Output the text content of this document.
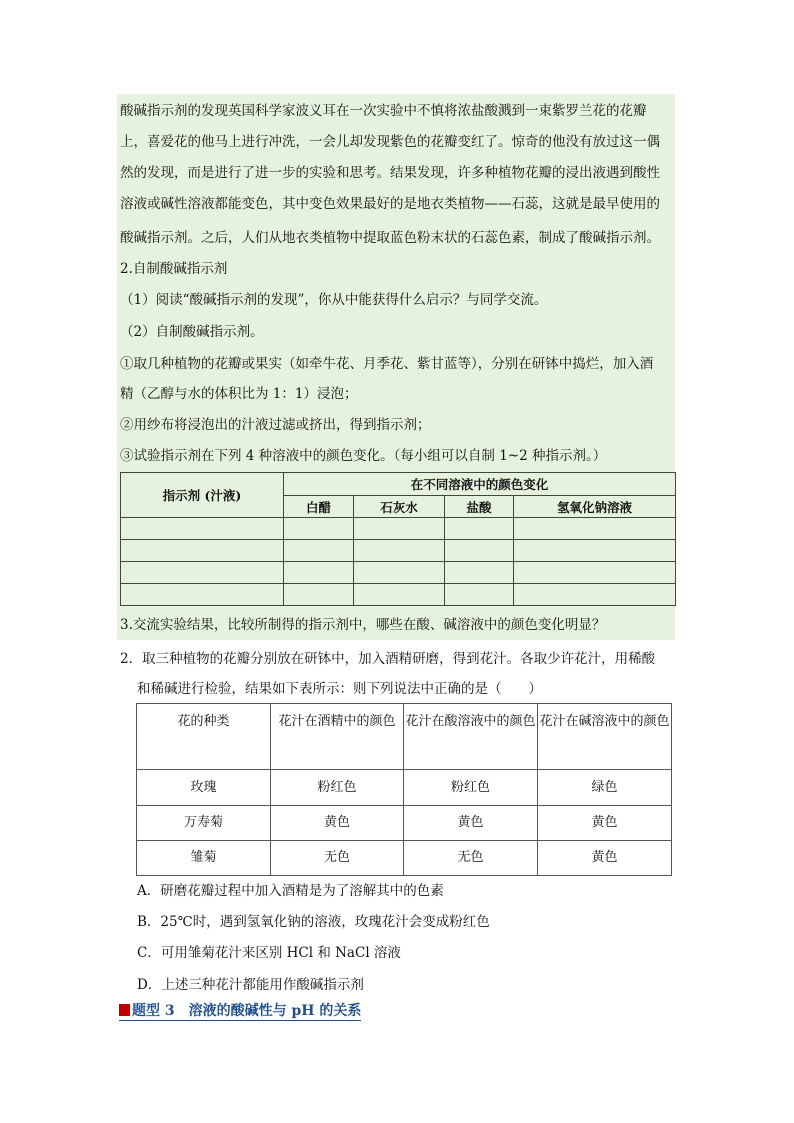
酸碱指示剂的发现英国科学家波义耳在一次实验中不慎将浓盐酸溅到一束紫罗兰花的花瓣
上，喜爱花的他马上进行冲洗，一会儿却发现紫色的花瓣变红了。惊奇的他没有放过这一偶
然的发现，而是进行了进一步的实验和思考。结果发现，许多种植物花瓣的浸出液遇到酸性
溶液或碱性溶液都能变色，其中变色效果最好的是地衣类植物——石蕊，这就是最早使用的
酸碱指示剂。之后，人们从地衣类植物中提取蓝色粉末状的石蕊色素，制成了酸碱指示剂。
2.自制酸碱指示剂
（1）阅读“酸碱指示剂的发现”，你从中能获得什么启示？与同学交流。
（2）自制酸碱指示剂。
①取几种植物的花瓣或果实（如牵牛花、月季花、紫甘蓝等），分别在研钵中捣烂，加入酒
精（乙醇与水的体积比为 1：1）浸泡；
②用纱布将浸泡出的汁液过滤或挤出，得到指示剂；
③试验指示剂在下列 4 种溶液中的颜色变化。（每小组可以自制 1~2 种指示剂。）
指示剂 (汁液)	在不同溶液中的颜色变化			
	白醋	石灰水	盐酸	氢氧化钠溶液

3.交流实验结果，比较所制得的指示剂中，哪些在酸、碱溶液中的颜色变化明显？
2．取三种植物的花瓣分别放在研钵中，加入酒精研磨，得到花汁。各取少许花汁，用稀酸
和稀碱进行检验，结果如下表所示：则下列说法中正确的是（　　）
花的种类	花汁在酒精中的颜色	花汁在酸溶液中的颜色	花汁在碱溶液中的颜色
玫瑰	粉红色	粉红色	绿色
万寿菊	黄色	黄色	黄色
雏菊	无色	无色	黄色
A．研磨花瓣过程中加入酒精是为了溶解其中的色素
B．25℃时，遇到氢氧化钠的溶液，玫瑰花汁会变成粉红色
C．可用雏菊花汁来区别 HCl 和 NaCl 溶液
D．上述三种花汁都能用作酸碱指示剂
题型 3　溶液的酸碱性与 pH 的关系
